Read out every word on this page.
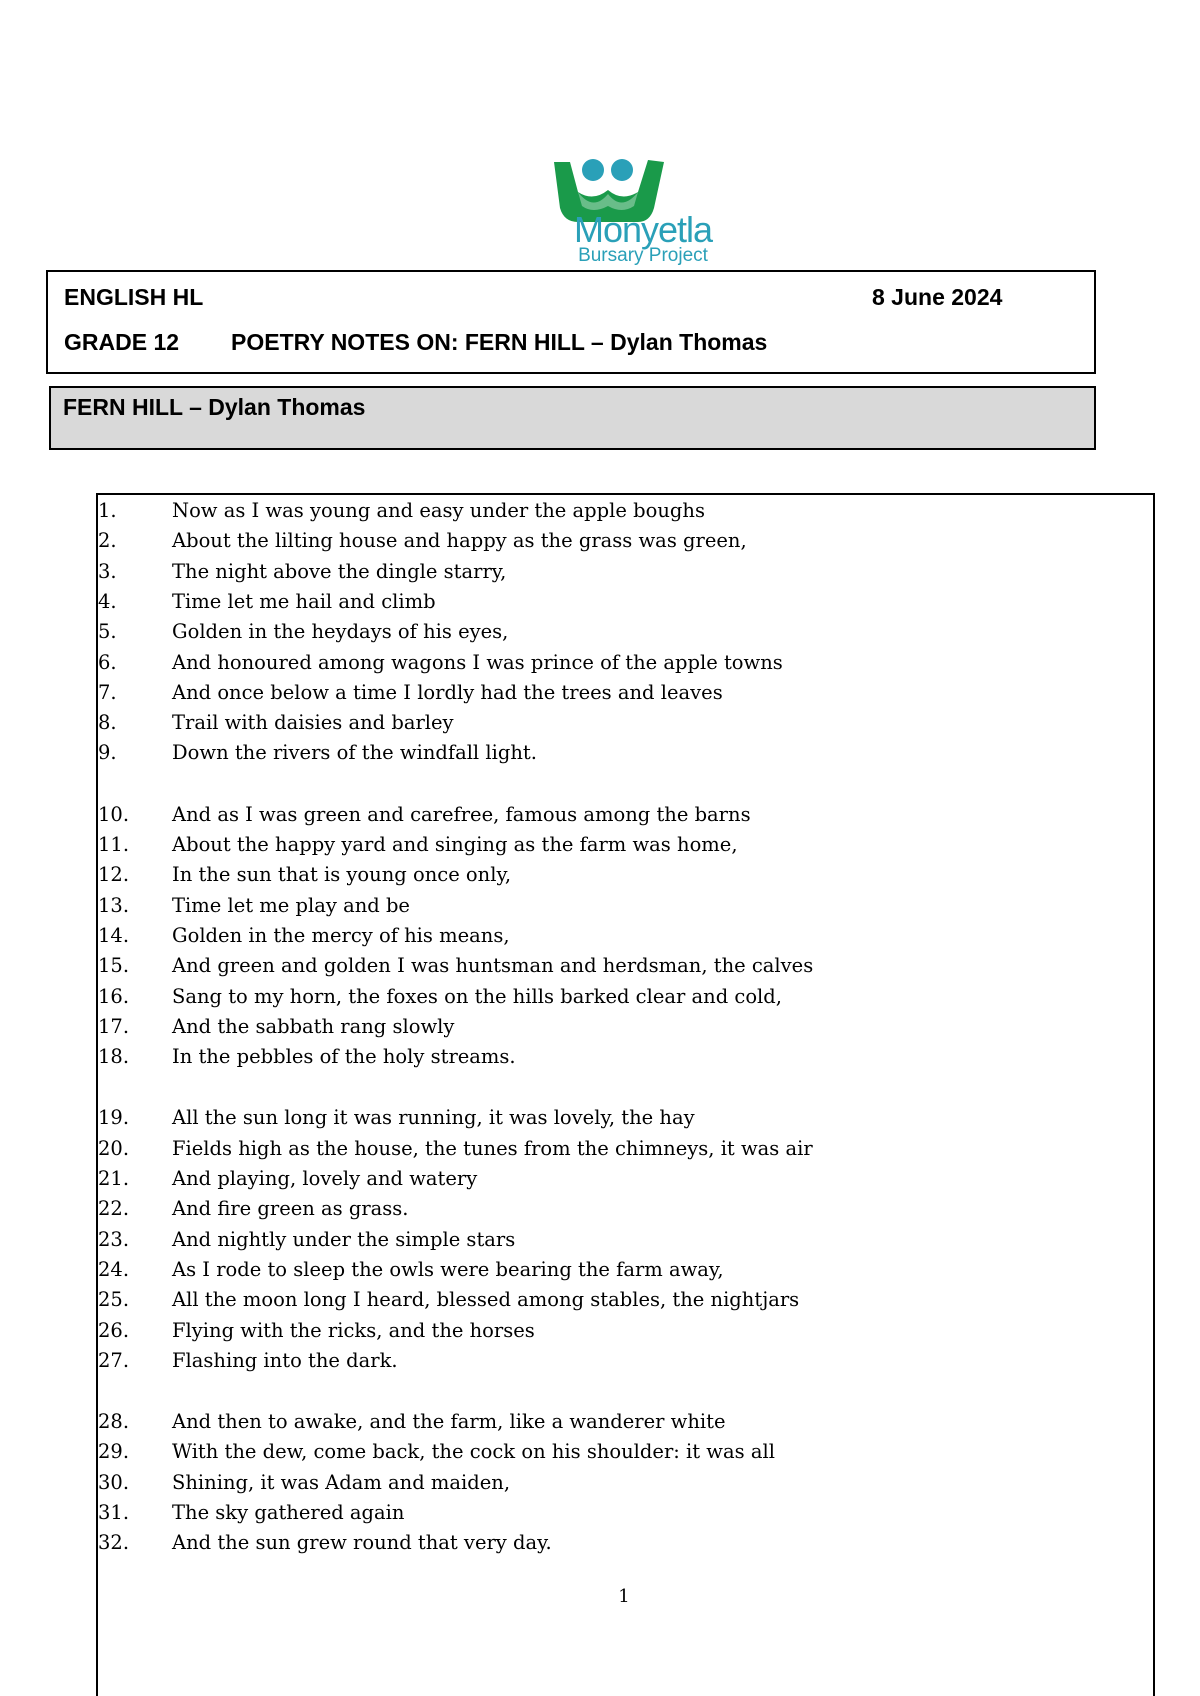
Monyetla
Bursary Project
ENGLISH HL	8 June 2024
GRADE 12 POETRY NOTES ON: FERN HILL – Dylan Thomas
FERN HILL – Dylan Thomas
1.	Now as I was young and easy under the apple boughs
2.	About the lilting house and happy as the grass was green,
3.	The night above the dingle starry,
4.	Time let me hail and climb
5.	Golden in the heydays of his eyes,
6.	And honoured among wagons I was prince of the apple towns
7.	And once below a time I lordly had the trees and leaves
8.	Trail with daisies and barley
9.	Down the rivers of the windfall light.
10. And as I was green and carefree, famous among the barns
11. About the happy yard and singing as the farm was home,
12. In the sun that is young once only,
13. Time let me play and be
14. Golden in the mercy of his means,
15. And green and golden I was huntsman and herdsman, the calves
16. Sang to my horn, the foxes on the hills barked clear and cold,
17. And the sabbath rang slowly
18. In the pebbles of the holy streams.
19. All the sun long it was running, it was lovely, the hay
20. Fields high as the house, the tunes from the chimneys, it was air
21. And playing, lovely and watery
22. And fire green as grass.
23. And nightly under the simple stars
24. As I rode to sleep the owls were bearing the farm away,
25. All the moon long I heard, blessed among stables, the nightjars
26. Flying with the ricks, and the horses
27. Flashing into the dark.
28. And then to awake, and the farm, like a wanderer white
29. With the dew, come back, the cock on his shoulder: it was all
30. Shining, it was Adam and maiden,
31. The sky gathered again
32. And the sun grew round that very day.
1
